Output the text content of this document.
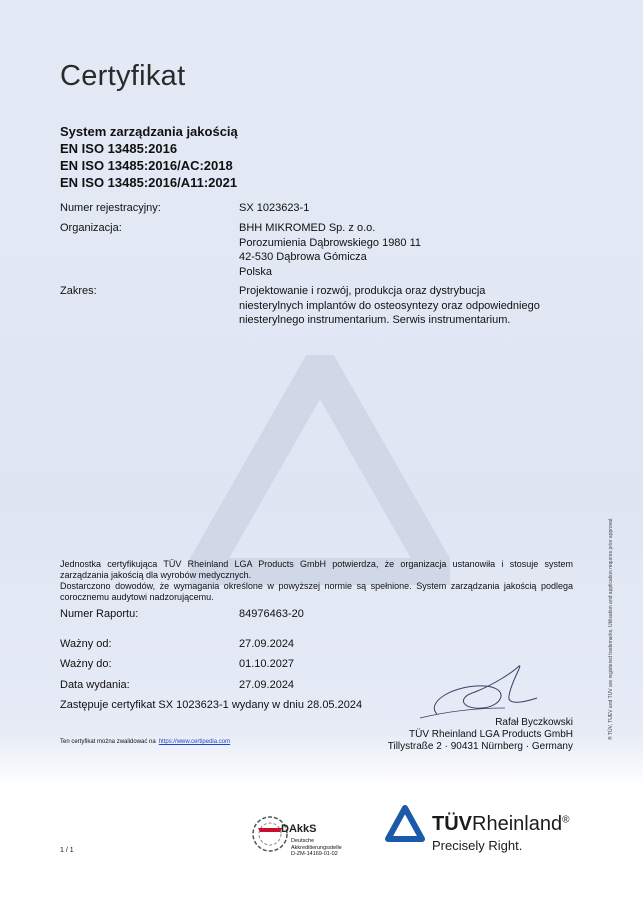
Certyfikat
System zarządzania jakością
EN ISO 13485:2016
EN ISO 13485:2016/AC:2018
EN ISO 13485:2016/A11:2021
Numer rejestracyjny:	SX 1023623-1
Organizacja:	BHH MIKROMED Sp. z o.o.
Porozumienia Dąbrowskiego 1980 11
42-530 Dąbrowa Gómicza
Polska
Zakres:	Projektowanie i rozwój, produkcja oraz dystrybucja
niesterylnych implantów do osteosyntezy oraz odpowiedniego
niesterylnego instrumentarium. Serwis instrumentarium.
Jednostka certyfikująca TÜV Rheinland LGA Products GmbH potwierdza, że organizacja ustanowiła i stosuje system zarządzania jakością dla wyrobów medycznych.
Dostarczono dowodów, że wymagania określone w powyższej normie są spełnione. System zarządzania jakością podlega corocznemu audytowi nadzorującemu.
Numer Raportu:	84976463-20
Ważny od:	27.09.2024
Ważny do:	01.10.2027
Data wydania:	27.09.2024
Zastępuje certyfikat SX 1023623-1 wydany w dniu 28.05.2024
Rafał Byczkowski
TÜV Rheinland LGA Products GmbH
Tillystraße 2 · 90431 Nürnberg · Germany
Ten certyfikat można zwalidować na https://www.certipedia.com
® TÜV, TUEV and TUV are registered trademarks. Utilisation and application requires prior approval.
1 / 1
DAkkS
Deutsche
Akkreditierungsstelle
D-ZM-14169-01-02
TÜVRheinland®
Precisely Right.
